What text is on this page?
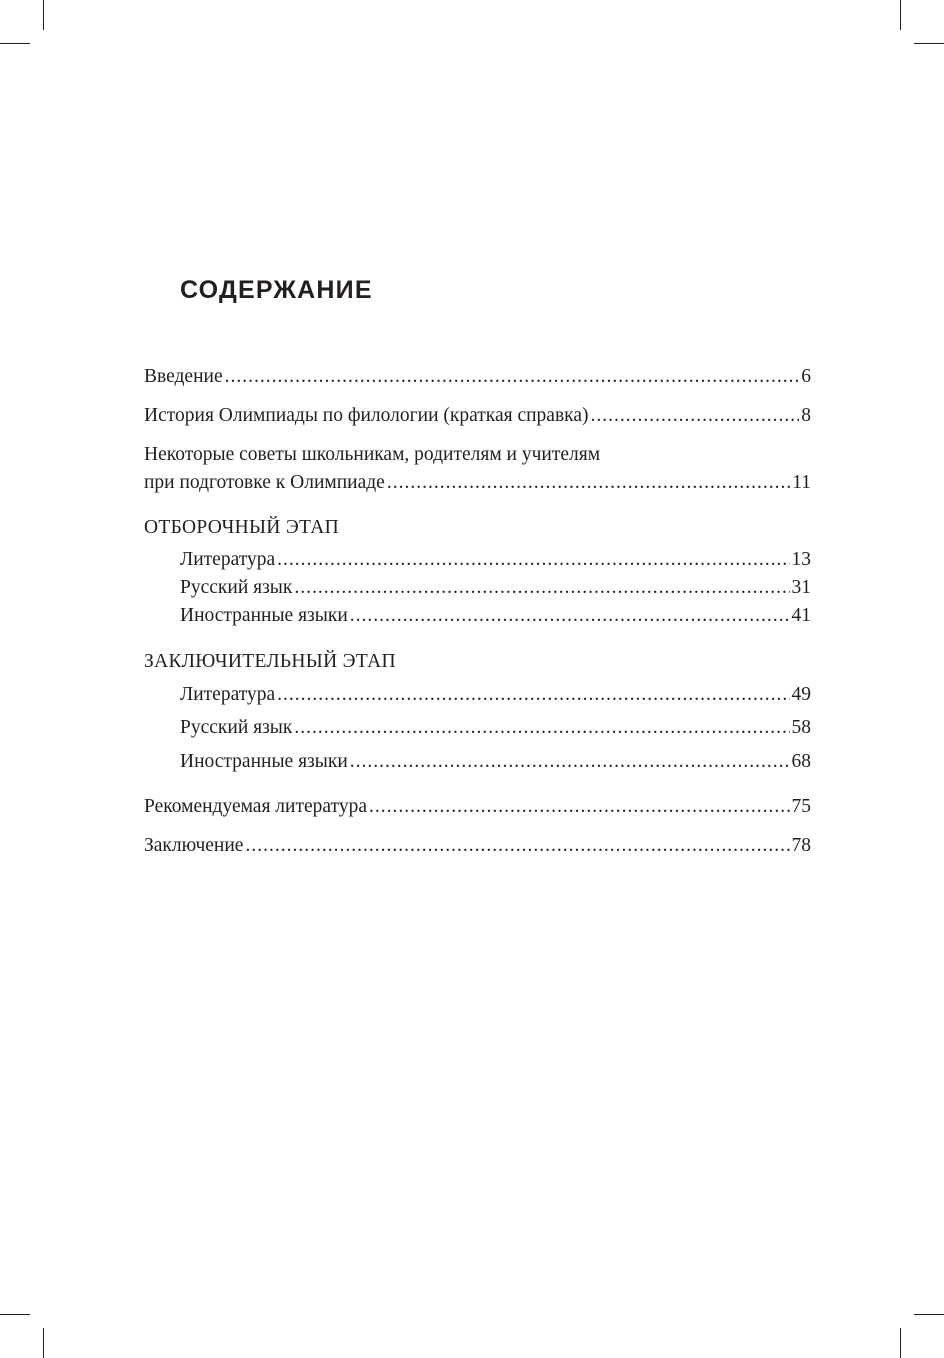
СОДЕРЖАНИЕ
Введение .....	6
История Олимпиады по филологии (краткая справка) .....	8
Некоторые советы школьникам, родителям и учителям
при подготовке к Олимпиаде .....	11
ОТБОРОЧНЫЙ ЭТАП
Литература .....	13
Русский язык .....	31
Иностранные языки .....	41
ЗАКЛЮЧИТЕЛЬНЫЙ ЭТАП
Литература .....	49
Русский язык .....	58
Иностранные языки .....	68
Рекомендуемая литература .....	75
Заключение .....	78
